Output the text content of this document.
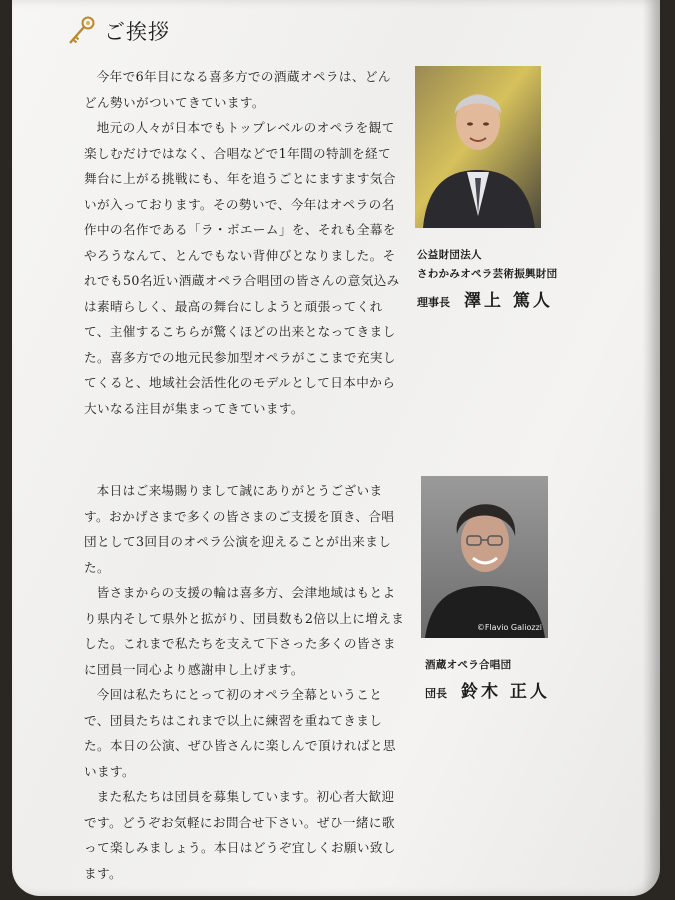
ご挨拶

今年で6年目になる喜多方での酒蔵オペラは、どんどん勢いがついてきています。

地元の人々が日本でもトップレベルのオペラを観て楽しむだけではなく、合唱などで1年間の特訓を経て舞台に上がる挑戦にも、年を追うごとにますます気合いが入っております。その勢いで、今年はオペラの名作中の名作である「ラ・ボエーム」を、それも全幕をやろうなんて、とんでもない背伸びとなりました。それでも50名近い酒蔵オペラ合唱団の皆さんの意気込みは素晴らしく、最高の舞台にしようと頑張ってくれて、主催するこちらが驚くほどの出来となってきました。喜多方での地元民参加型オペラがここまで充実してくると、地域社会活性化のモデルとして日本中から大いなる注目が集まってきています。

公益財団法人
さわかみオペラ芸術振興財団
理事長 澤上 篤人

本日はご来場賜りまして誠にありがとうございます。おかげさまで多くの皆さまのご支援を頂き、合唱団として3回目のオペラ公演を迎えることが出来ました。

皆さまからの支援の輪は喜多方、会津地域はもとより県内そして県外と拡がり、団員数も2倍以上に増えました。これまで私たちを支えて下さった多くの皆さまに団員一同心より感謝申し上げます。

今回は私たちにとって初のオペラ全幕ということで、団員たちはこれまで以上に練習を重ねてきました。本日の公演、ぜひ皆さんに楽しんで頂ければと思います。

また私たちは団員を募集しています。初心者大歓迎です。どうぞお気軽にお問合せ下さい。ぜひ一緒に歌って楽しみましょう。本日はどうぞ宜しくお願い致します。

©Flavio Galiozzi
酒蔵オペラ合唱団
団長 鈴木 正人
